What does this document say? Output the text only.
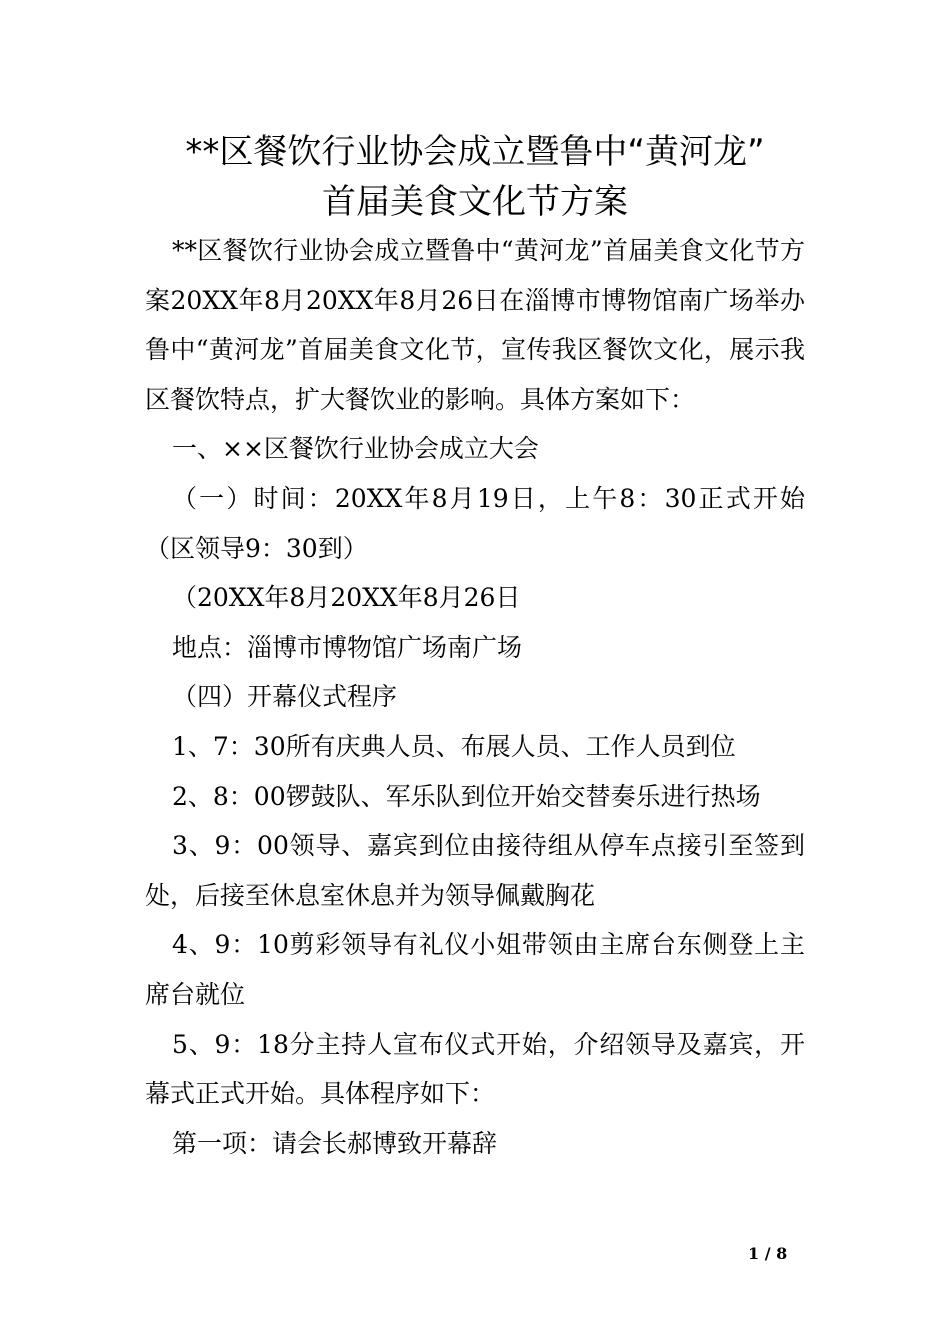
**区餐饮行业协会成立暨鲁中“黄河龙”
首届美食文化节方案

**区餐饮行业协会成立暨鲁中“黄河龙”首届美食文化节方案20XX年8月20XX年8月26日在淄博市博物馆南广场举办鲁中“黄河龙”首届美食文化节，宣传我区餐饮文化，展示我区餐饮特点，扩大餐饮业的影响。具体方案如下：

一、××区餐饮行业协会成立大会

（一）时间：20XX年8月19日，上午8：30正式开始（区领导9：30到）

（20XX年8月20XX年8月26日

地点：淄博市博物馆广场南广场

（四）开幕仪式程序

1、7：30所有庆典人员、布展人员、工作人员到位

2、8：00锣鼓队、军乐队到位开始交替奏乐进行热场

3、9：00领导、嘉宾到位由接待组从停车点接引至签到处，后接至休息室休息并为领导佩戴胸花

4、9：10剪彩领导有礼仪小姐带领由主席台东侧登上主席台就位

5、9：18分主持人宣布仪式开始，介绍领导及嘉宾，开幕式正式开始。具体程序如下：

第一项：请会长郝博致开幕辞

1 / 8
